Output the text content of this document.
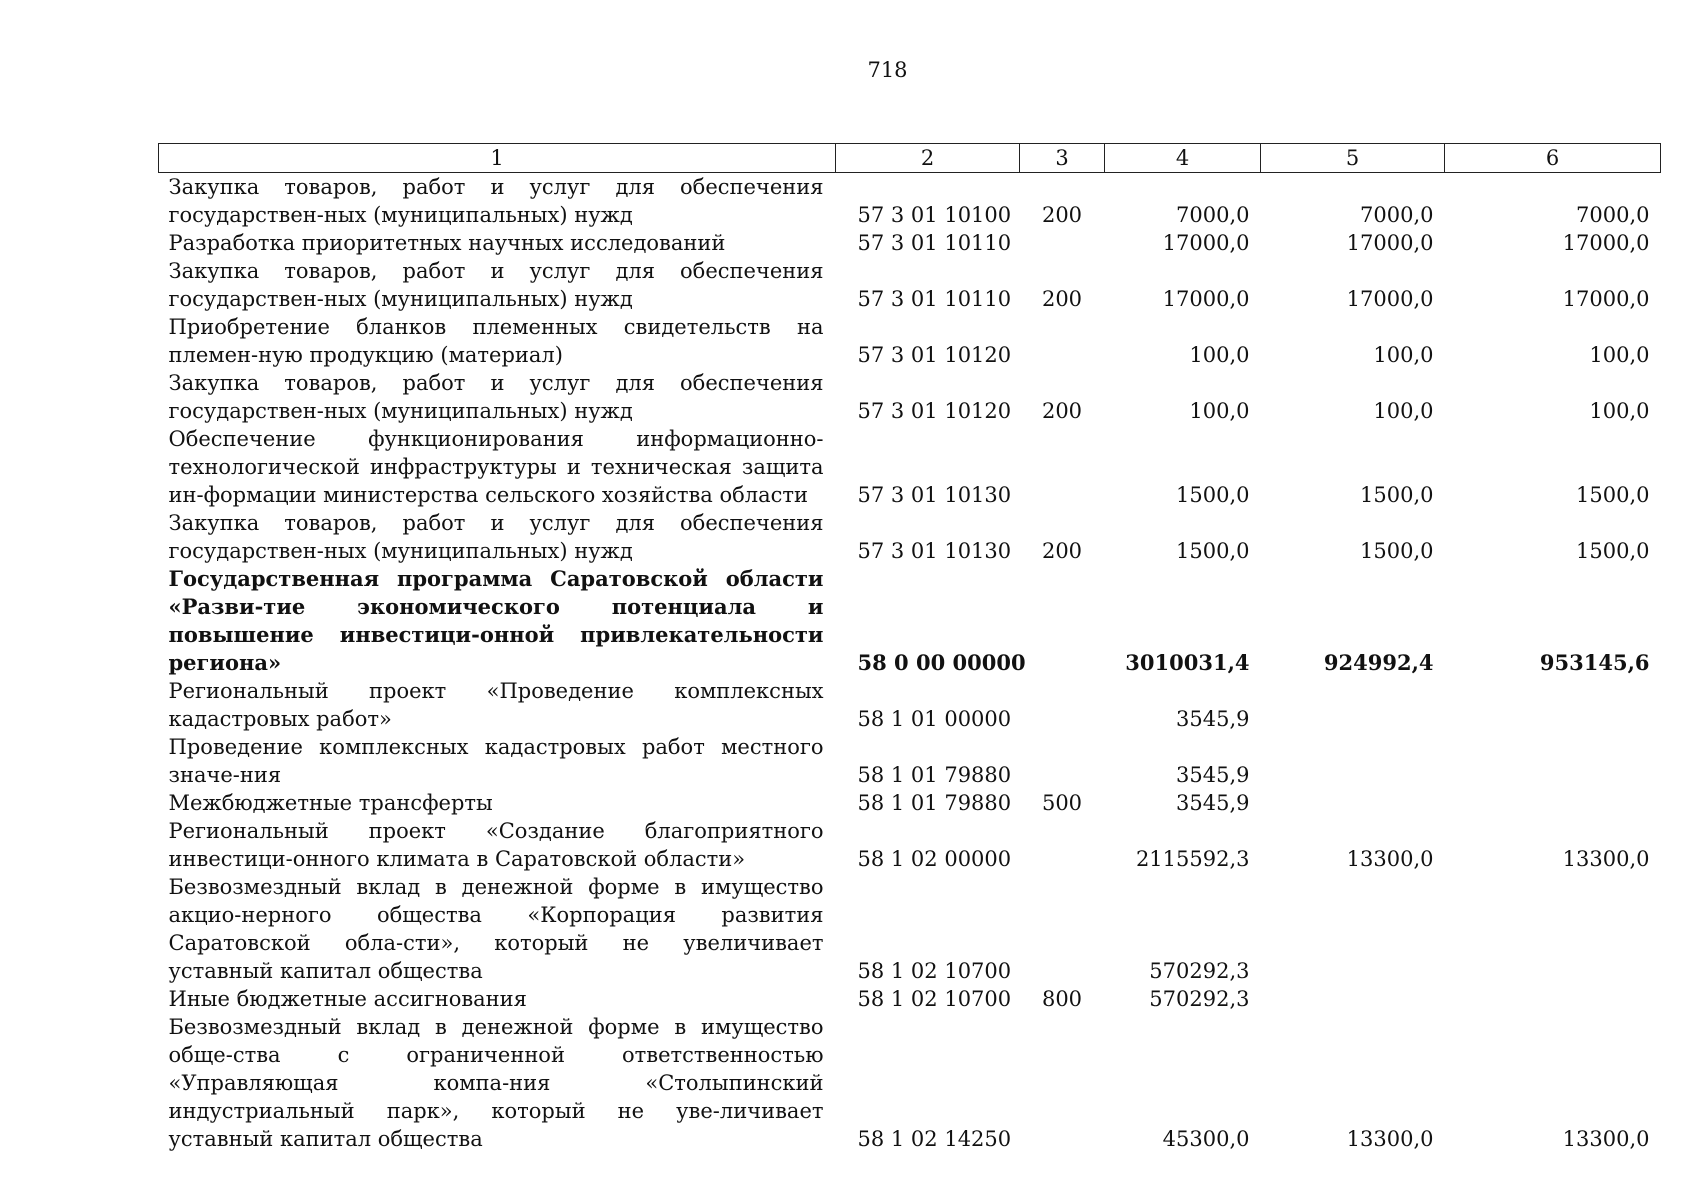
718
1	2	3	4	5	6
Закупка товаров, работ и услуг для обеспечения государствен-ных (муниципальных) нужд	57 3 01 10100	200	7000,0	7000,0	7000,0
Разработка приоритетных научных исследований	57 3 01 10110		17000,0	17000,0	17000,0
Закупка товаров, работ и услуг для обеспечения государствен-ных (муниципальных) нужд	57 3 01 10110	200	17000,0	17000,0	17000,0
Приобретение бланков племенных свидетельств на племен-ную продукцию (материал)	57 3 01 10120		100,0	100,0	100,0
Закупка товаров, работ и услуг для обеспечения государствен-ных (муниципальных) нужд	57 3 01 10120	200	100,0	100,0	100,0
Обеспечение функционирования информационно-технологической инфраструктуры и техническая защита ин-формации министерства сельского хозяйства области	57 3 01 10130		1500,0	1500,0	1500,0
Закупка товаров, работ и услуг для обеспечения государствен-ных (муниципальных) нужд	57 3 01 10130	200	1500,0	1500,0	1500,0
Государственная программа Саратовской области «Разви-тие экономического потенциала и повышение инвестици-онной привлекательности региона»	58 0 00 00000		3010031,4	924992,4	953145,6
Региональный проект «Проведение комплексных кадастровых работ»	58 1 01 00000		3545,9		
Проведение комплексных кадастровых работ местного значе-ния	58 1 01 79880		3545,9		
Межбюджетные трансферты	58 1 01 79880	500	3545,9		
Региональный проект «Создание благоприятного инвестици-онного климата в Саратовской области»	58 1 02 00000		2115592,3	13300,0	13300,0
Безвозмездный вклад в денежной форме в имущество акцио-нерного общества «Корпорация развития Саратовской обла-сти», который не увеличивает уставный капитал общества	58 1 02 10700		570292,3		
Иные бюджетные ассигнования	58 1 02 10700	800	570292,3		
Безвозмездный вклад в денежной форме в имущество обще-ства с ограниченной ответственностью «Управляющая компа-ния «Столыпинский индустриальный парк», который не уве-личивает уставный капитал общества	58 1 02 14250		45300,0	13300,0	13300,0
